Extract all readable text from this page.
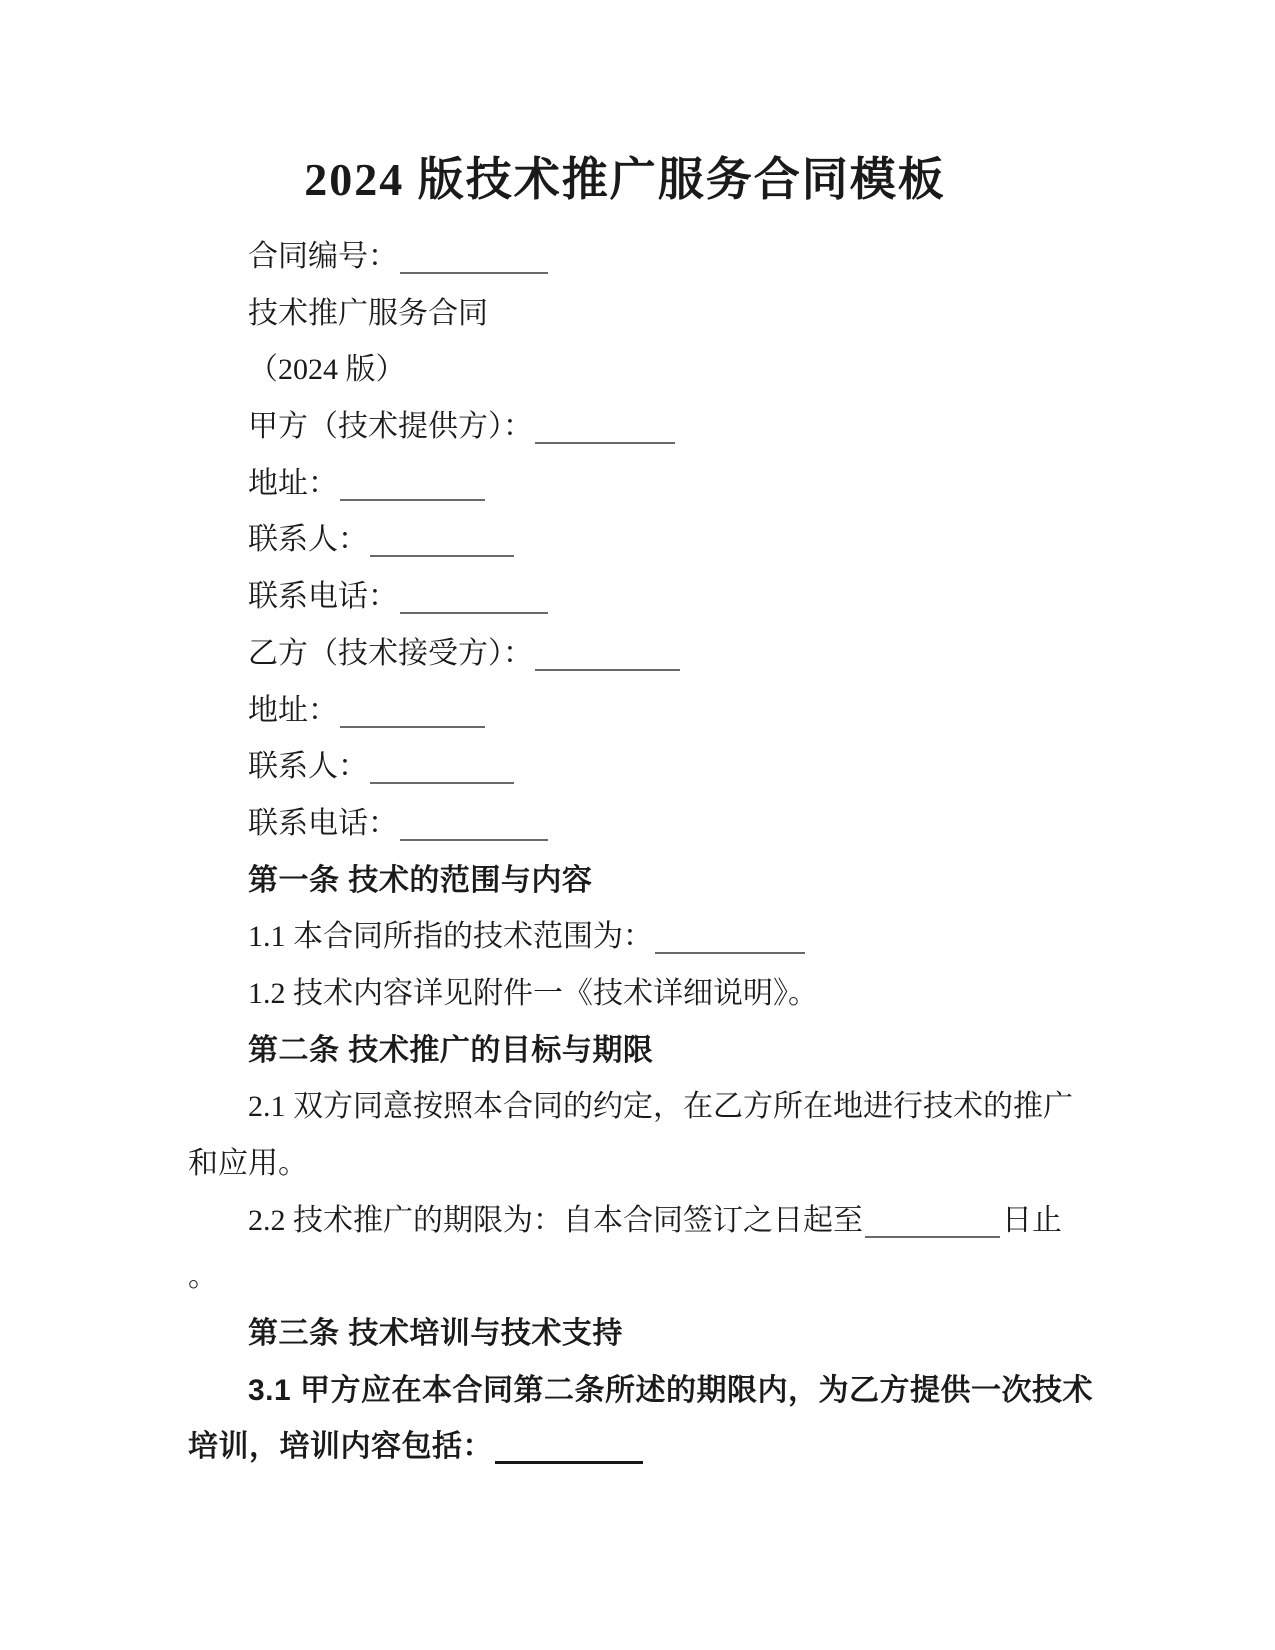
2024 版技术推广服务合同模板
合同编号：
技术推广服务合同
（2024 版）
甲方（技术提供方）：
地址：
联系人：
联系电话：
乙方（技术接受方）：
地址：
联系人：
联系电话：
第一条 技术的范围与内容
1.1 本合同所指的技术范围为：
1.2 技术内容详见附件一《技术详细说明》。
第二条 技术推广的目标与期限
2.1 双方同意按照本合同的约定，在乙方所在地进行技术的推广
和应用。
2.2 技术推广的期限为：自本合同签订之日起至	日止
。
第三条 技术培训与技术支持
3.1 甲方应在本合同第二条所述的期限内，为乙方提供一次技术
培训，培训内容包括：
